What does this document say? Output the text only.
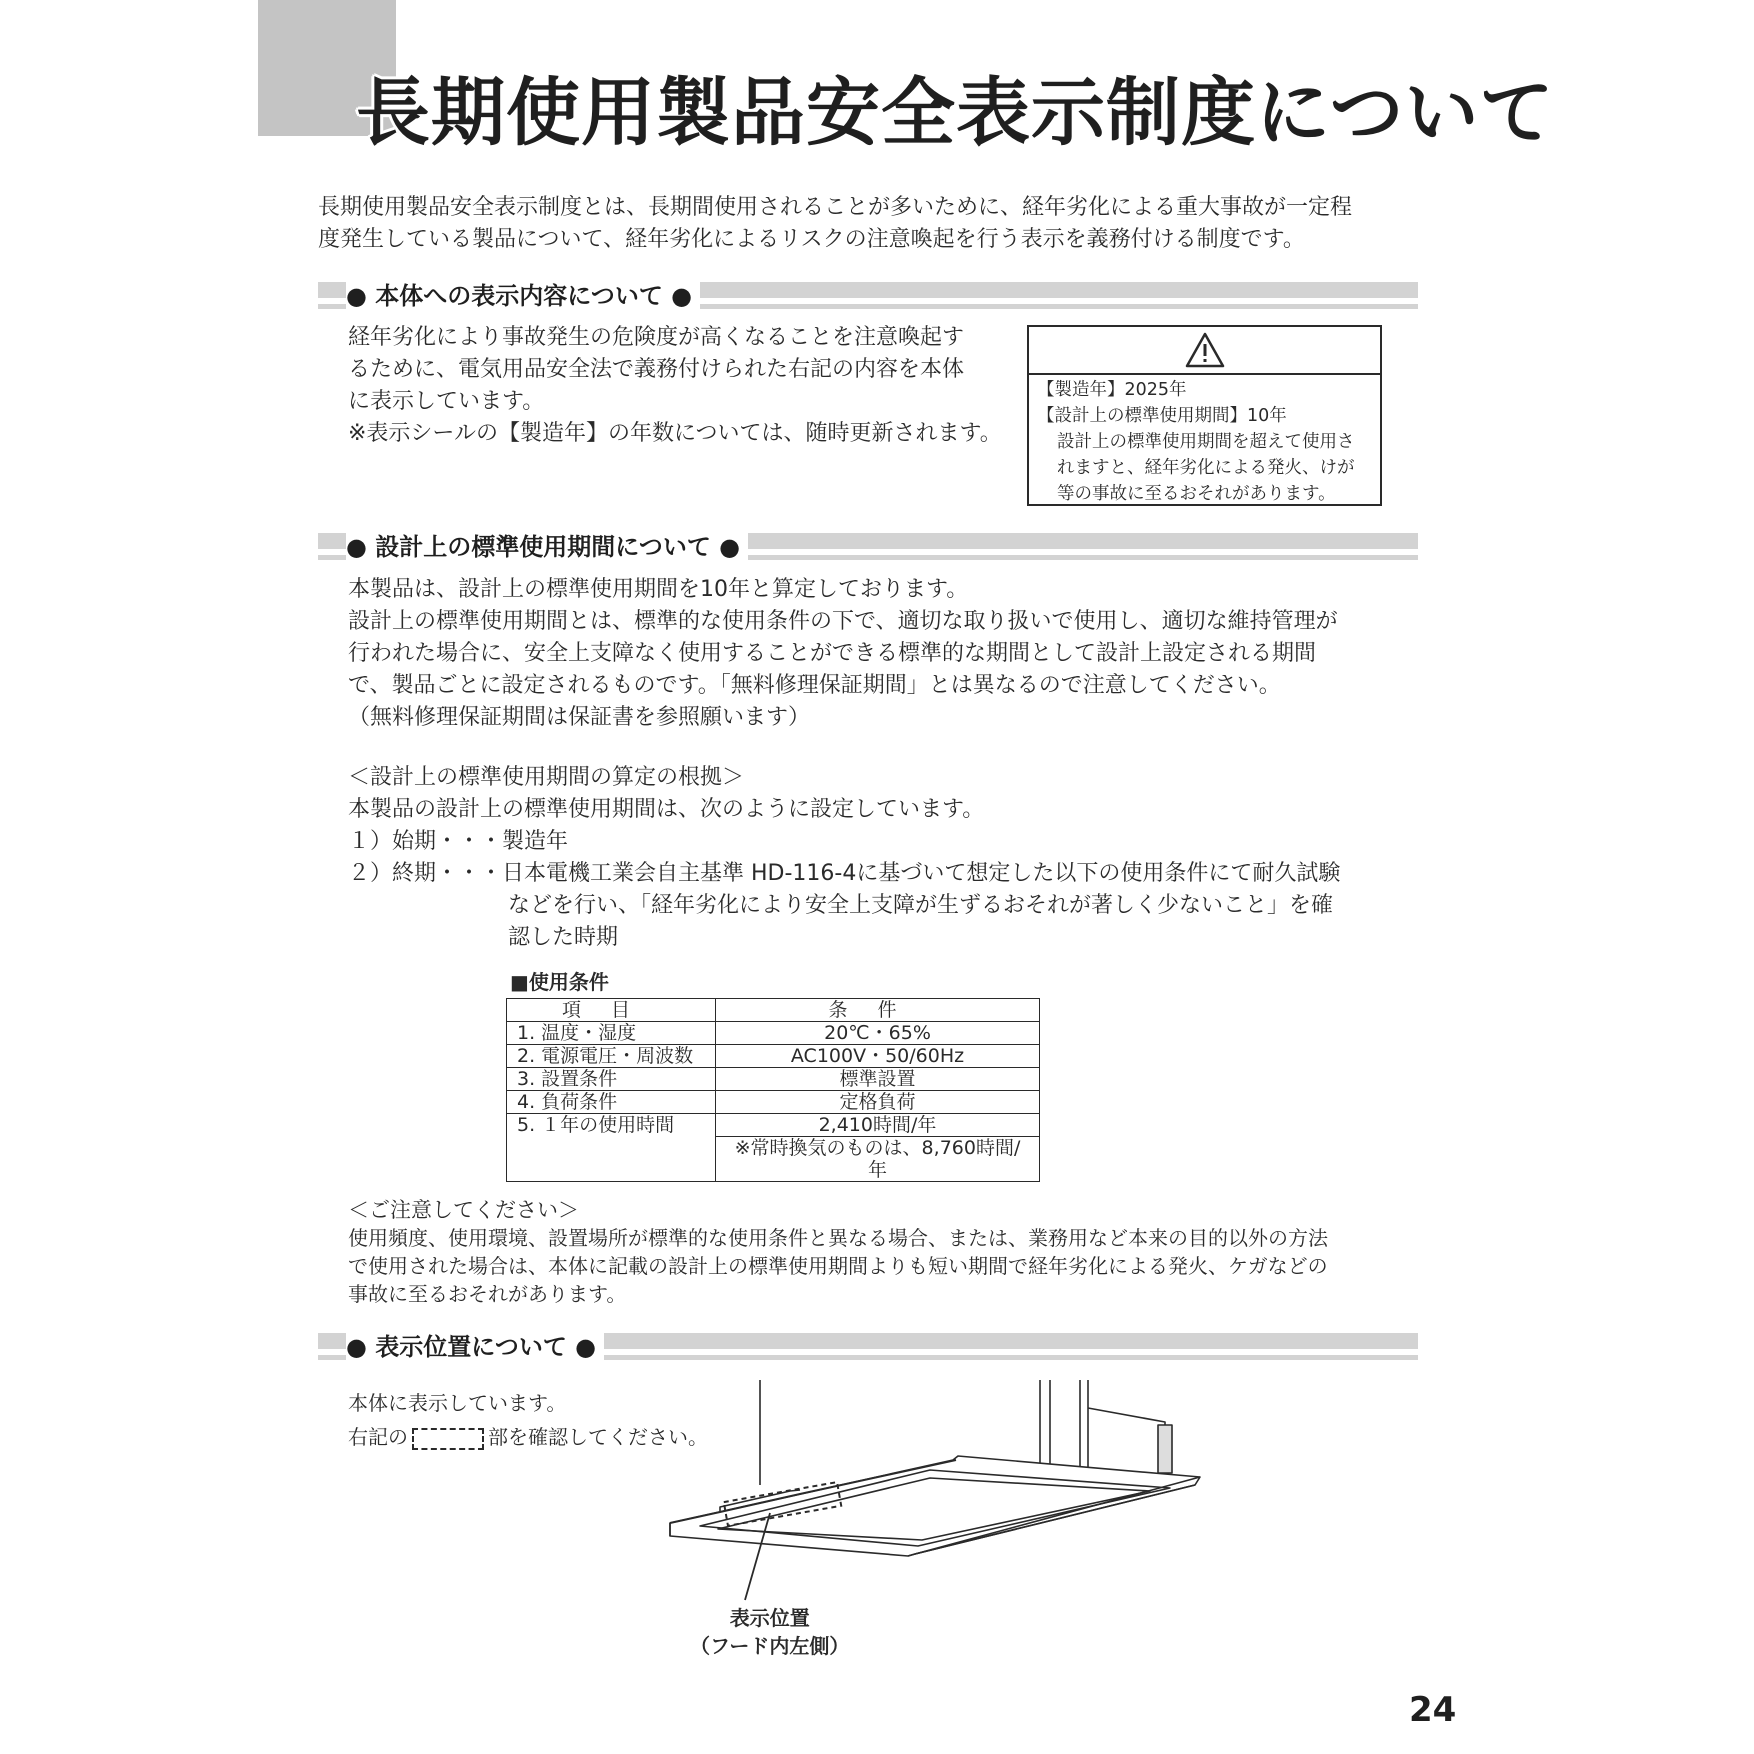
長期使用製品安全表示制度について
長期使用製品安全表示制度とは、長期間使用されることが多いために、経年劣化による重大事故が一定程
度発生している製品について、経年劣化によるリスクの注意喚起を行う表示を義務付ける制度です。
● 本体への表示内容について ●
経年劣化により事故発生の危険度が高くなることを注意喚起す
るために、電気用品安全法で義務付けられた右記の内容を本体
に表示しています。
※表示シールの【製造年】の年数については、随時更新されます。
【製造年】2025年
【設計上の標準使用期間】10年
設計上の標準使用期間を超えて使用さ
れますと、経年劣化による発火、けが
等の事故に至るおそれがあります。
● 設計上の標準使用期間について ●
本製品は、設計上の標準使用期間を10年と算定しております。
設計上の標準使用期間とは、標準的な使用条件の下で、適切な取り扱いで使用し、適切な維持管理が
行われた場合に、安全上支障なく使用することができる標準的な期間として設計上設定される期間
で、製品ごとに設定されるものです。「無料修理保証期間」とは異なるので注意してください。
（無料修理保証期間は保証書を参照願います）
＜設計上の標準使用期間の算定の根拠＞
本製品の設計上の標準使用期間は、次のように設定しています。
１）始期・・・製造年
２）終期・・・日本電機工業会自主基準 HD-116-4に基づいて想定した以下の使用条件にて耐久試験
などを行い、「経年劣化により安全上支障が生ずるおそれが著しく少ないこと」を確
認した時期
■使用条件
項目	条件
1. 温度・湿度	20℃・65%
2. 電源電圧・周波数	AC100V・50/60Hz
3. 設置条件	標準設置
4. 負荷条件	定格負荷
5. １年の使用時間	2,410時間/年
	※常時換気のものは、8,760時間/年
＜ご注意してください＞
使用頻度、使用環境、設置場所が標準的な使用条件と異なる場合、または、業務用など本来の目的以外の方法
で使用された場合は、本体に記載の設計上の標準使用期間よりも短い期間で経年劣化による発火、ケガなどの
事故に至るおそれがあります。
● 表示位置について ●
本体に表示しています。
右記の	部を確認してください。
表示位置
（フード内左側）
24
